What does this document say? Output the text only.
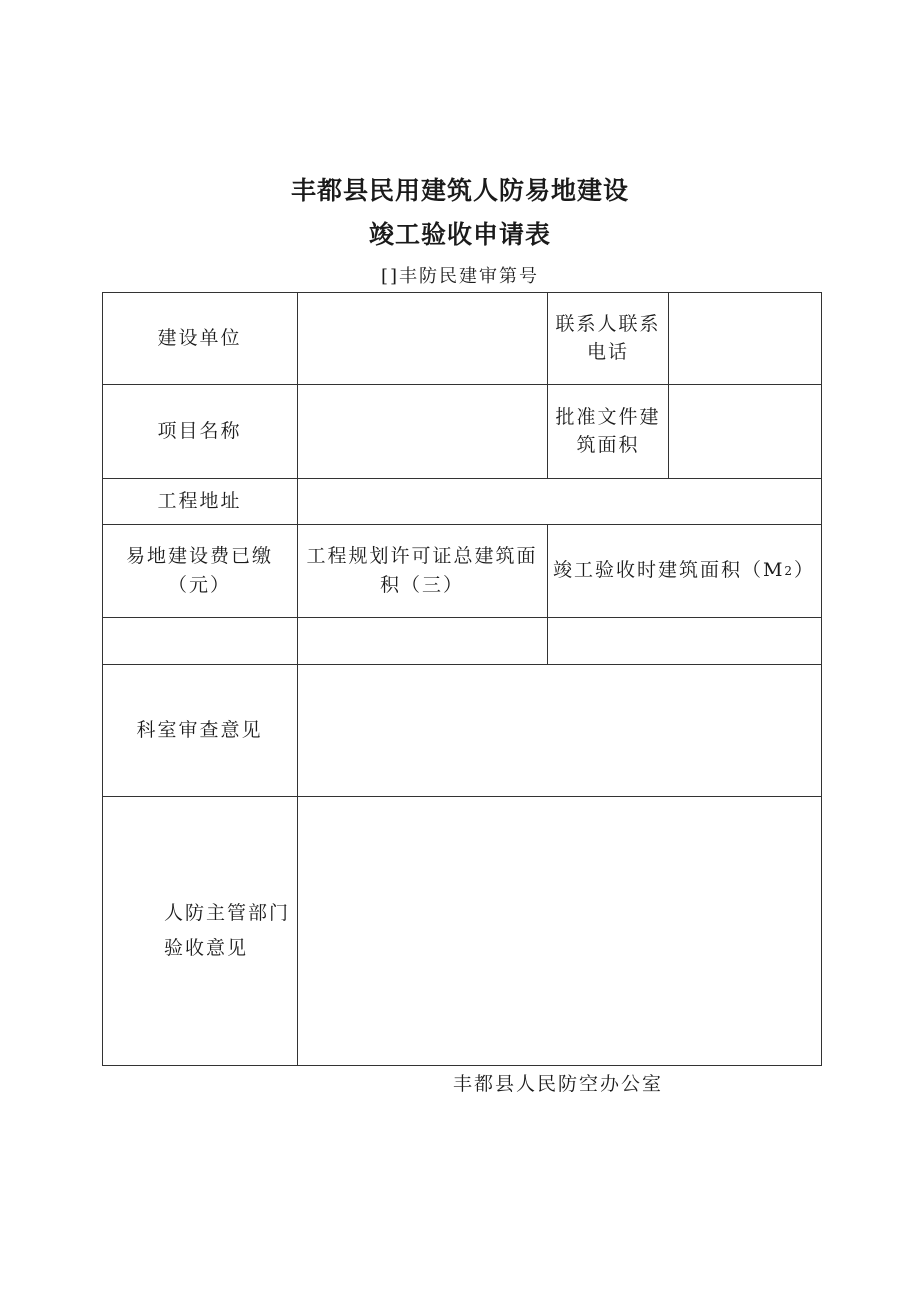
丰都县民用建筑人防易地建设
竣工验收申请表
[]丰防民建审第号
建设单位
联系人联系电话
项目名称
批准文件建筑面积
工程地址
易地建设费已缴（元）
工程规划许可证总建筑面积（三）
竣工验收时建筑面积（M 2 ）
科室审查意见
人防主管部门
验收意见
丰都县人民防空办公室
